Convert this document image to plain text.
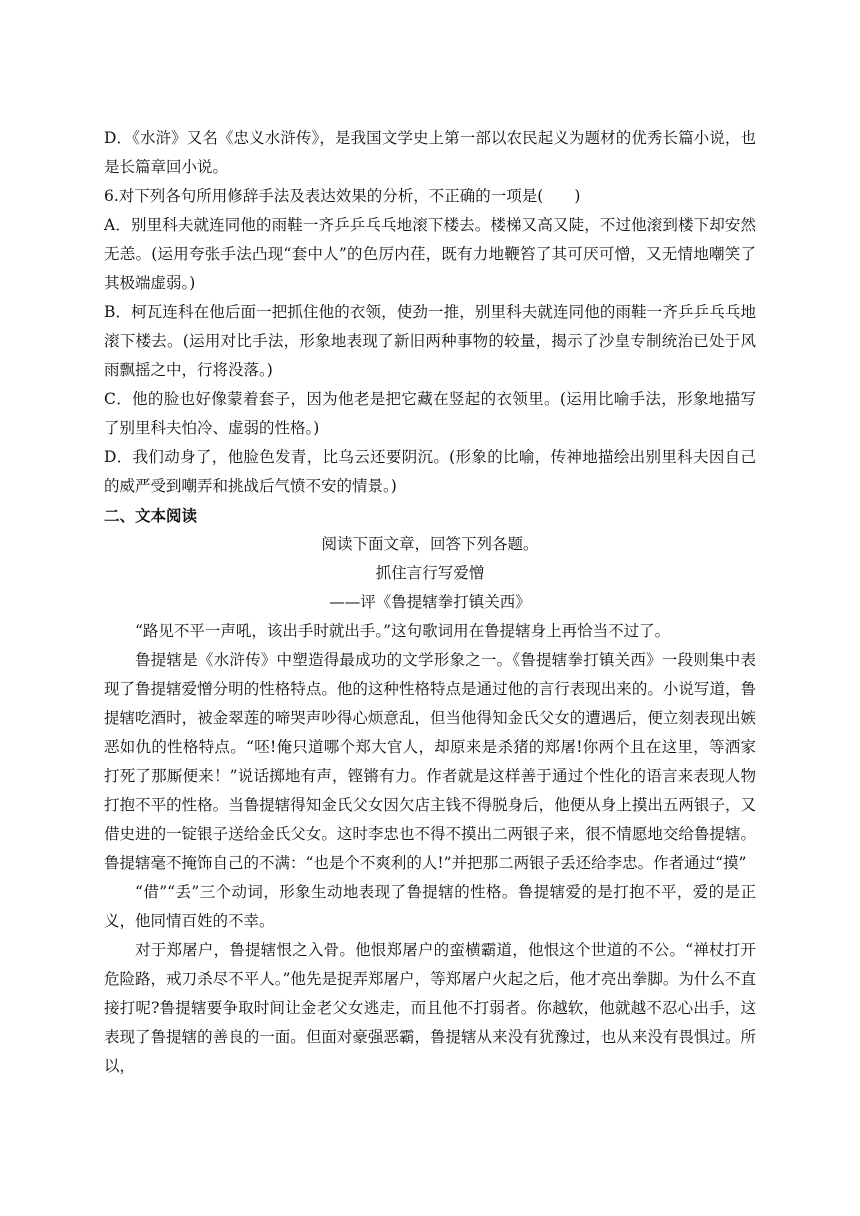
D．《水浒》又名《忠义水浒传》，是我国文学史上第一部以农民起义为题材的优秀长篇小说，也是长篇章回小说。

6.对下列各句所用修辞手法及表达效果的分析，不正确的一项是(　　)

A．别里科夫就连同他的雨鞋一齐乒乒乓乓地滚下楼去。楼梯又高又陡，不过他滚到楼下却安然无恙。(运用夸张手法凸现“套中人”的色厉内荏，既有力地鞭笞了其可厌可憎，又无情地嘲笑了其极端虚弱。)

B．柯瓦连科在他后面一把抓住他的衣领，使劲一推，别里科夫就连同他的雨鞋一齐乒乒乓乓地滚下楼去。(运用对比手法，形象地表现了新旧两种事物的较量，揭示了沙皇专制统治已处于风雨飘摇之中，行将没落。)

C．他的脸也好像蒙着套子，因为他老是把它藏在竖起的衣领里。(运用比喻手法，形象地描写了别里科夫怕冷、虚弱的性格。)

D．我们动身了，他脸色发青，比乌云还要阴沉。(形象的比喻，传神地描绘出别里科夫因自己的威严受到嘲弄和挑战后气愤不安的情景。)

二、文本阅读

阅读下面文章，回答下列各题。

抓住言行写爱憎

——评《鲁提辖拳打镇关西》

“路见不平一声吼，该出手时就出手。”这句歌词用在鲁提辖身上再恰当不过了。

鲁提辖是《水浒传》中塑造得最成功的文学形象之一。《鲁提辖拳打镇关西》一段则集中表现了鲁提辖爱憎分明的性格特点。他的这种性格特点是通过他的言行表现出来的。小说写道，鲁提辖吃酒时，被金翠莲的啼哭声吵得心烦意乱，但当他得知金氏父女的遭遇后，便立刻表现出嫉恶如仇的性格特点。“呸!俺只道哪个郑大官人，却原来是杀猪的郑屠!你两个且在这里，等洒家打死了那厮便来！”说话掷地有声，铿锵有力。作者就是这样善于通过个性化的语言来表现人物打抱不平的性格。当鲁提辖得知金氏父女因欠店主钱不得脱身后，他便从身上摸出五两银子，又借史进的一锭银子送给金氏父女。这时李忠也不得不摸出二两银子来，很不情愿地交给鲁提辖。鲁提辖毫不掩饰自己的不满：“也是个不爽利的人!”并把那二两银子丢还给李忠。作者通过“摸”

“借”“丢”三个动词，形象生动地表现了鲁提辖的性格。鲁提辖爱的是打抱不平，爱的是正义，他同情百姓的不幸。

对于郑屠户，鲁提辖恨之入骨。他恨郑屠户的蛮横霸道，他恨这个世道的不公。“禅杖打开危险路，戒刀杀尽不平人。”他先是捉弄郑屠户，等郑屠户火起之后，他才亮出拳脚。为什么不直接打呢?鲁提辖要争取时间让金老父女逃走，而且他不打弱者。你越软，他就越不忍心出手，这表现了鲁提辖的善良的一面。但面对豪强恶霸，鲁提辖从来没有犹豫过，也从来没有畏惧过。所以，
